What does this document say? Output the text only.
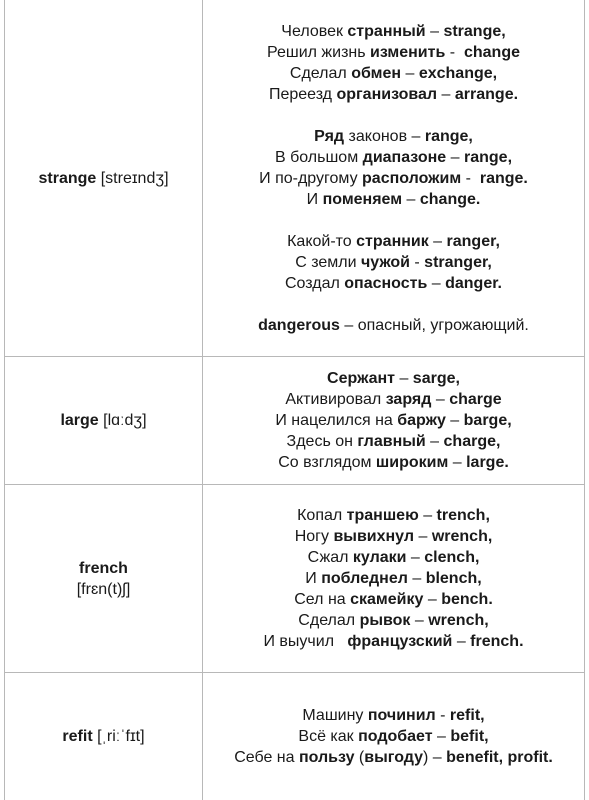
strange [streɪndʒ]
Человек странный – strange,
Решил жизнь изменить -  change
Сделал обмен – exchange,
Переезд организовал – arrange.
Ряд законов – range,
В большом диапазоне – range,
И по-другому расположим -  range.
И поменяем – change.
Какой-то странник – ranger,
С земли чужой - stranger,
Создал опасность – danger.
dangerous – опасный, угрожающий.
large [lɑːdʒ]
Сержант – sarge,
Активировал заряд – charge
И нацелился на баржу – barge,
Здесь он главный – charge,
Со взглядом широким – large.
french
[frɛn(t)ʃ]
Копал траншею – trench,
Ногу вывихнул – wrench,
Сжал кулаки – clench,
И побледнел – blench,
Сел на скамейку – bench.
Сделал рывок – wrench,
И выучил   французский – french.
refit [ˌriːˈfɪt]
Машину починил - refit,
Всё как подобает – befit,
Себе на пользу (выгоду) – benefit, profit.
